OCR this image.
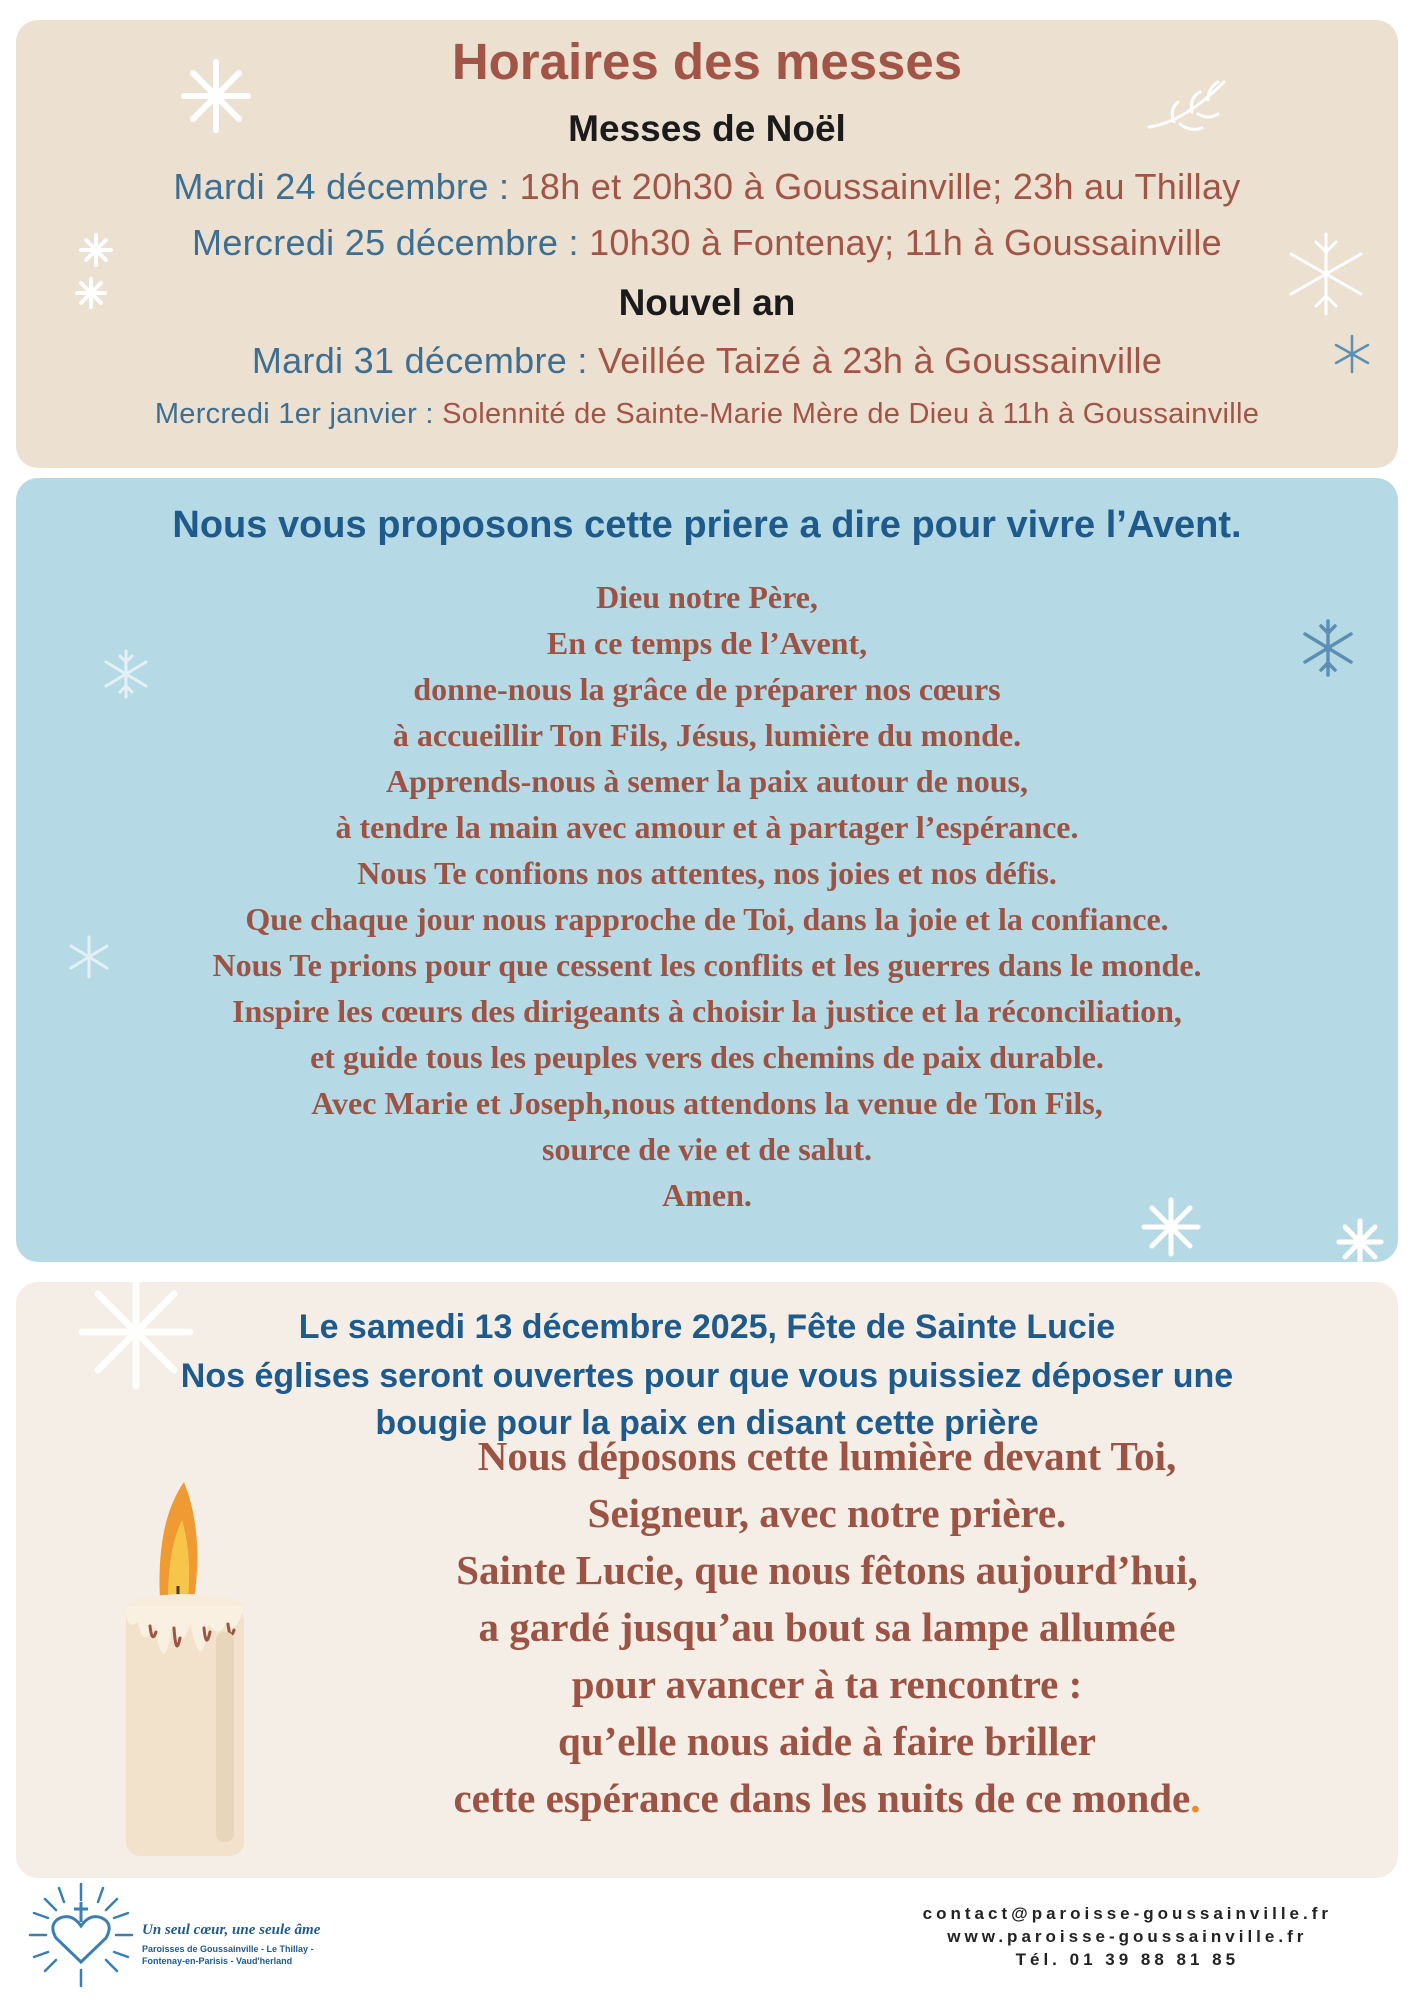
Horaires des messes
Messes de Noël
Mardi 24 décembre : 18h et 20h30 à Goussainville; 23h au Thillay
Mercredi 25 décembre : 10h30 à Fontenay; 11h à Goussainville
Nouvel an
Mardi 31 décembre : Veillée Taizé à 23h à Goussainville
Mercredi 1er janvier : Solennité de Sainte-Marie Mère de Dieu à 11h à Goussainville
Nous vous proposons cette priere a dire pour vivre l’Avent.
Dieu notre Père,
En ce temps de l’Avent,
donne-nous la grâce de préparer nos cœurs
à accueillir Ton Fils, Jésus, lumière du monde.
Apprends-nous à semer la paix autour de nous,
à tendre la main avec amour et à partager l’espérance.
Nous Te confions nos attentes, nos joies et nos défis.
Que chaque jour nous rapproche de Toi, dans la joie et la confiance.
Nous Te prions pour que cessent les conflits et les guerres dans le monde.
Inspire les cœurs des dirigeants à choisir la justice et la réconciliation,
et guide tous les peuples vers des chemins de paix durable.
Avec Marie et Joseph,nous attendons la venue de Ton Fils,
source de vie et de salut.
Amen.
Le samedi 13 décembre 2025, Fête de Sainte Lucie
Nos églises seront ouvertes pour que vous puissiez déposer une
bougie pour la paix en disant cette prière
Nous déposons cette lumière devant Toi,
Seigneur, avec notre prière.
Sainte Lucie, que nous fêtons aujourd’hui,
a gardé jusqu’au bout sa lampe allumée
pour avancer à ta rencontre :
qu’elle nous aide à faire briller
cette espérance dans les nuits de ce monde.
Un seul cœur, une seule âme
Paroisses de Goussainville - Le Thillay -
Fontenay-en-Parisis - Vaud'herland
contact@paroisse-goussainville.fr
www.paroisse-goussainville.fr
Tél. 01 39 88 81 85
